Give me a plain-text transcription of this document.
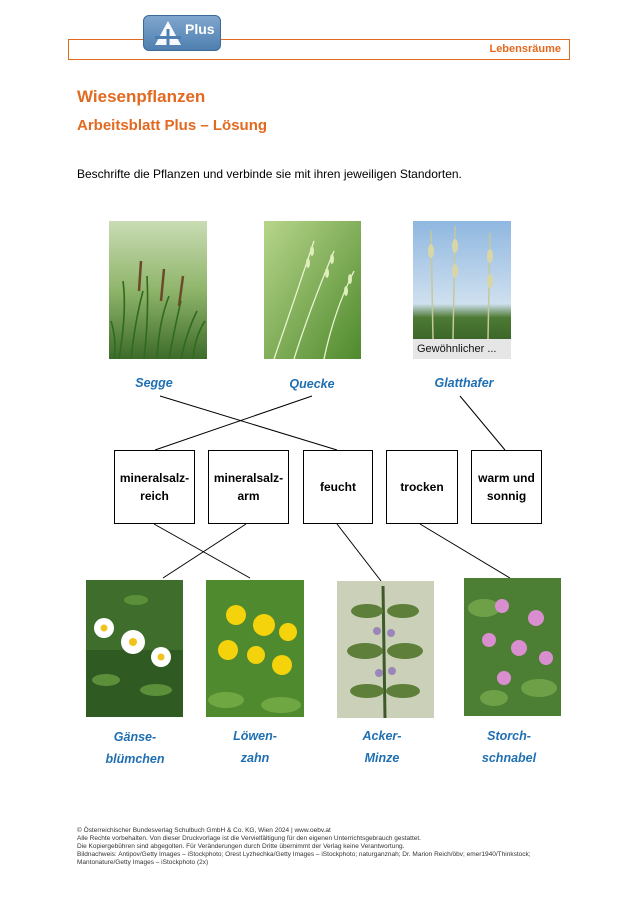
Lebensräume
Plus
Wiesenpflanzen
Arbeitsblatt Plus – Lösung
Beschrifte die Pflanzen und verbinde sie mit ihren jeweiligen Standorten.
Gewöhnlicher ...
Segge	Quecke	Glatthafer
mineralsalz-
reich
mineralsalz-
arm
feucht	trocken
warm und
sonnig
Gänse-
blümchen
Löwen-
zahn
Acker-
Minze
Storch-
schnabel
© Österreichischer Bundesverlag Schulbuch GmbH & Co. KG, Wien 2024 | www.oebv.at
Alle Rechte vorbehalten. Von dieser Druckvorlage ist die Vervielfältigung für den eigenen Unterrichtsgebrauch gestattet.
Die Kopiergebühren sind abgegolten. Für Veränderungen durch Dritte übernimmt der Verlag keine Verantwortung.
Bildnachweis: Antipov/Getty Images – iStockphoto; Orest Lyzhechka/Getty Images – iStockphoto; naturganznah; Dr. Marion Reich/öbv; emer1940/Thinkstock;
Mantonature/Getty Images – iStockphoto (2x)
